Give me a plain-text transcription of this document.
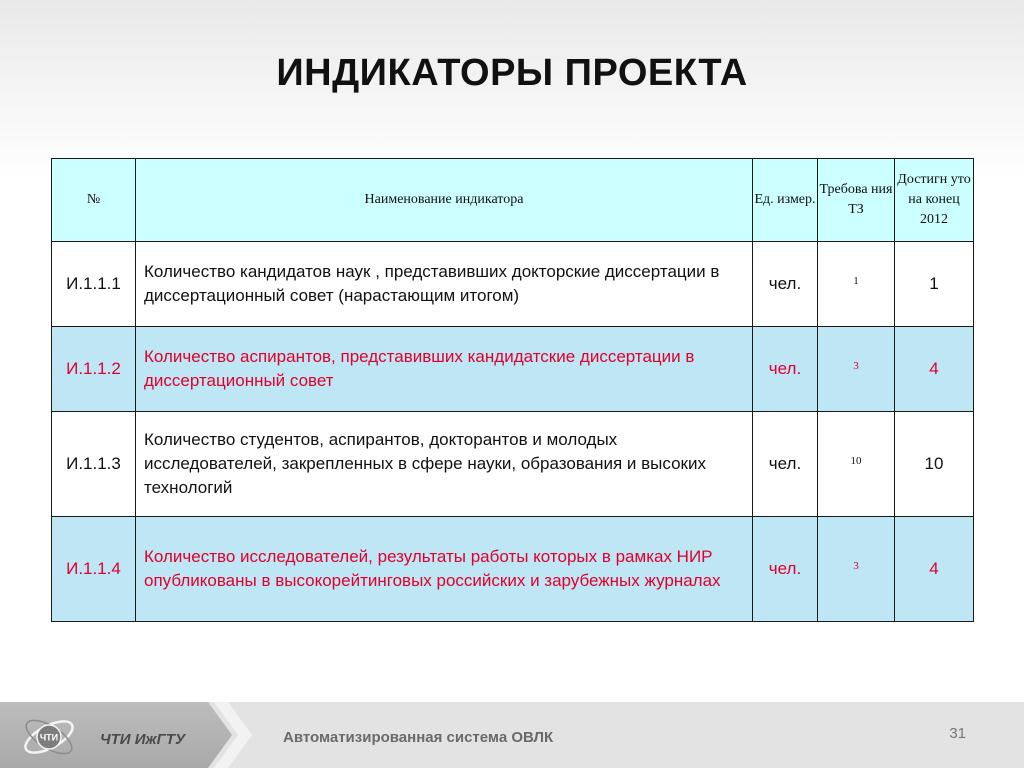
ИНДИКАТОРЫ ПРОЕКТА
№	Наименование индикатора	Ед. измер.	Требова ния ТЗ	Достигн уто на конец 2012
И.1.1.1	Количество кандидатов наук , представивших докторские диссертации в диссертационный совет (нарастающим итогом)	чел.	1	1
И.1.1.2	Количество аспирантов, представивших кандидатские диссертации в диссертационный совет	чел.	3	4
И.1.1.3	Количество студентов, аспирантов, докторантов и молодых исследователей, закрепленных в сфере науки, образования и высоких технологий	чел.	10	10
И.1.1.4	Количество исследователей, результаты работы которых в рамках НИР опубликованы в высокорейтинговых российских и зарубежных журналах	чел.	3	4
ЧТИ	ЧТИ ИжГТУ	Автоматизированная система ОВЛК	31
